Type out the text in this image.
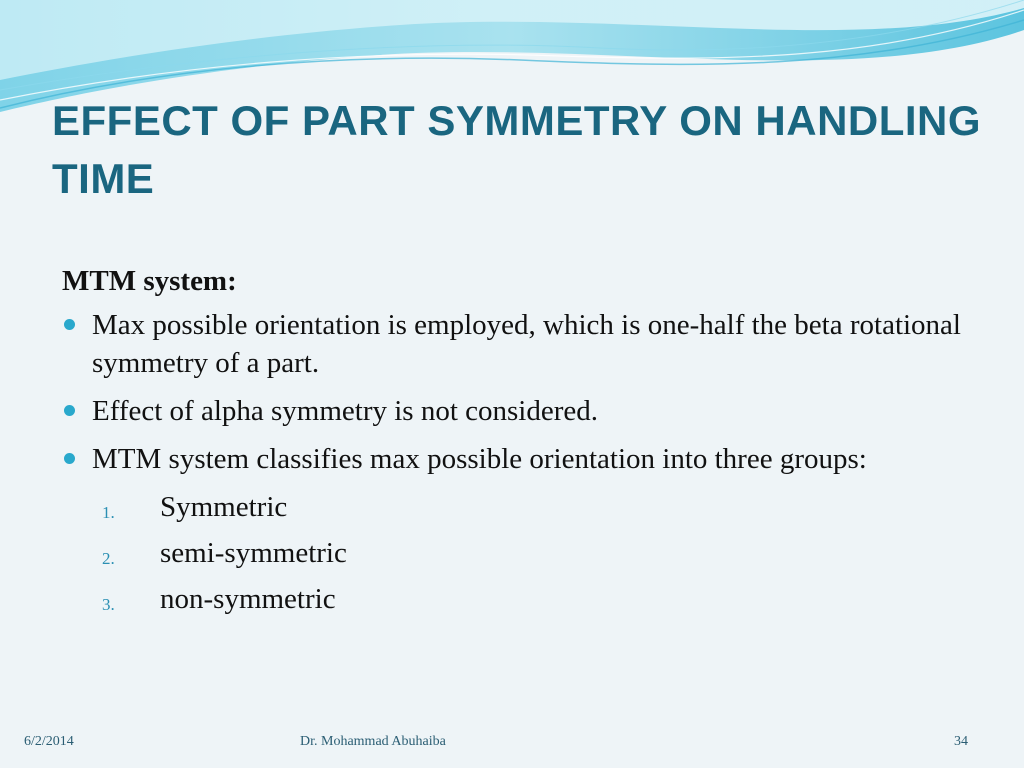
EFFECT OF PART SYMMETRY ON HANDLING TIME
MTM system:
Max possible orientation is employed, which is one-half the beta rotational symmetry of a part.
Effect of alpha symmetry is not considered.
MTM system classifies max possible orientation into three groups:
1. Symmetric
2. semi-symmetric
3. non-symmetric
6/2/2014	Dr. Mohammad Abuhaiba	34
